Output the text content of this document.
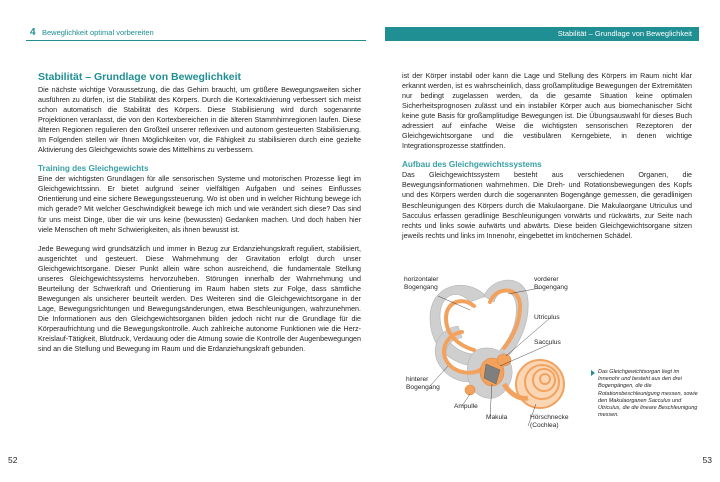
4 Beweglichkeit optimal vorbereiten	Stabilität – Grundlage von Beweglichkeit
Stabilität – Grundlage von Beweglichkeit

Die nächste wichtige Voraussetzung, die das Gehirn braucht, um größere Bewegungsweiten sicher ausführen zu dürfen, ist die Stabilität des Körpers. Durch die Kortexaktivierung verbessert sich meist schon automatisch die Stabilität des Körpers. Diese Stabilisierung wird durch sogenannte Projektionen veranlasst, die von den Kortexbereichen in die älteren Stammhirnregionen laufen. Diese älteren Regionen regulieren den Großteil unserer reflexiven und autonom gesteuerten Stabilisierung. Im Folgenden stellen wir Ihnen Möglichkeiten vor, die Fähigkeit zu stabilisieren durch eine gezielte Aktivierung des Gleichgewichts sowie des Mittelhirns zu verbessern.

Training des Gleichgewichts

Eine der wichtigsten Grundlagen für alle sensorischen Systeme und motorischen Prozesse liegt im Gleichgewichtssinn. Er bietet aufgrund seiner vielfältigen Aufgaben und seines Einflusses Orientierung und eine sichere Bewegungssteuerung. Wo ist oben und in welcher Richtung bewege ich mich gerade? Mit welcher Geschwindigkeit bewege ich mich und wie verändert sich diese? Das sind für uns meist Dinge, über die wir uns keine (bewussten) Gedanken machen. Und doch haben hier viele Menschen oft mehr Schwierigkeiten, als ihnen bewusst ist.

Jede Bewegung wird grundsätzlich und immer in Bezug zur Erdanziehungskraft reguliert, stabilisiert, ausgerichtet und gesteuert. Diese Wahrnehmung der Gravitation erfolgt durch unser Gleichgewichtsorgane. Dieser Punkt allein wäre schon ausreichend, die fundamentale Stellung unseres Gleichgewichtssystems hervorzuheben. Störungen innerhalb der Wahrnehmung und Beurteilung der Schwerkraft und Orientierung im Raum haben stets zur Folge, dass sämtliche Bewegungen als unsicherer beurteilt werden. Des Weiteren sind die Gleichgewichtsorgane in der Lage, Bewegungsrichtungen und Bewegungsänderungen, etwa Beschleunigungen, wahrzunehmen. Die Informationen aus den Gleichgewichtsorganen bilden jedoch nicht nur die Grundlage für die Körperaufrichtung und die Bewegungskontrolle. Auch zahlreiche autonome Funktionen wie die Herz-Kreislauf-Tätigkeit, Blutdruck, Verdauung oder die Atmung sowie die Kontrolle der Augenbewegungen sind an die Stellung und Bewegung im Raum und die Erdanziehungskraft gebunden.

ist der Körper instabil oder kann die Lage und Stellung des Körpers im Raum nicht klar erkannt werden, ist es wahrscheinlich, dass großamplitudige Bewegungen der Extremitäten nur bedingt zugelassen werden, da die gesamte Situation keine optimalen Sicherheitsprognosen zulässt und ein instabiler Körper auch aus biomechanischer Sicht keine gute Basis für großamplitudige Bewegungen ist. Die Übungsauswahl für dieses Buch adressiert auf einfache Weise die wichtigsten sensorischen Rezeptoren der Gleichgewichtsorgane und die vestibulären Kerngebiete, in denen wichtige Integrationsprozesse stattfinden.

Aufbau des Gleichgewichtssystems

Das Gleichgewichtssystem besteht aus verschiedenen Organen, die Bewegungsinformationen wahrnehmen. Die Dreh- und Rotationsbewegungen des Kopfs und des Körpers werden durch die sogenannten Bogengänge gemessen, die geradlinigen Beschleunigungen des Körpers durch die Makulaorgane. Die Makulaorgane Utriculus und Sacculus erfassen geradlinige Beschleunigungen vorwärts und rückwärts, zur Seite nach rechts und links sowie aufwärts und abwärts. Diese beiden Gleichgewichtsorgane sitzen jeweils rechts und links im Innenohr, eingebettet im knöchernen Schädel.

horizontaler
Bogengang
vorderer
Bogengang
Utriculus
Sacculus
hinterer
Bogengang
Ampulle
Makula	Hörschnecke
(Cochlea)
Das Gleichgewichtsorgan liegt im Innenohr und besteht aus den drei Bogengängen, die die Rotationsbeschleunigung messen, sowie den Makulaorganen Sacculus und Utriculus, die die lineare Beschleunigung messen.
52	53
